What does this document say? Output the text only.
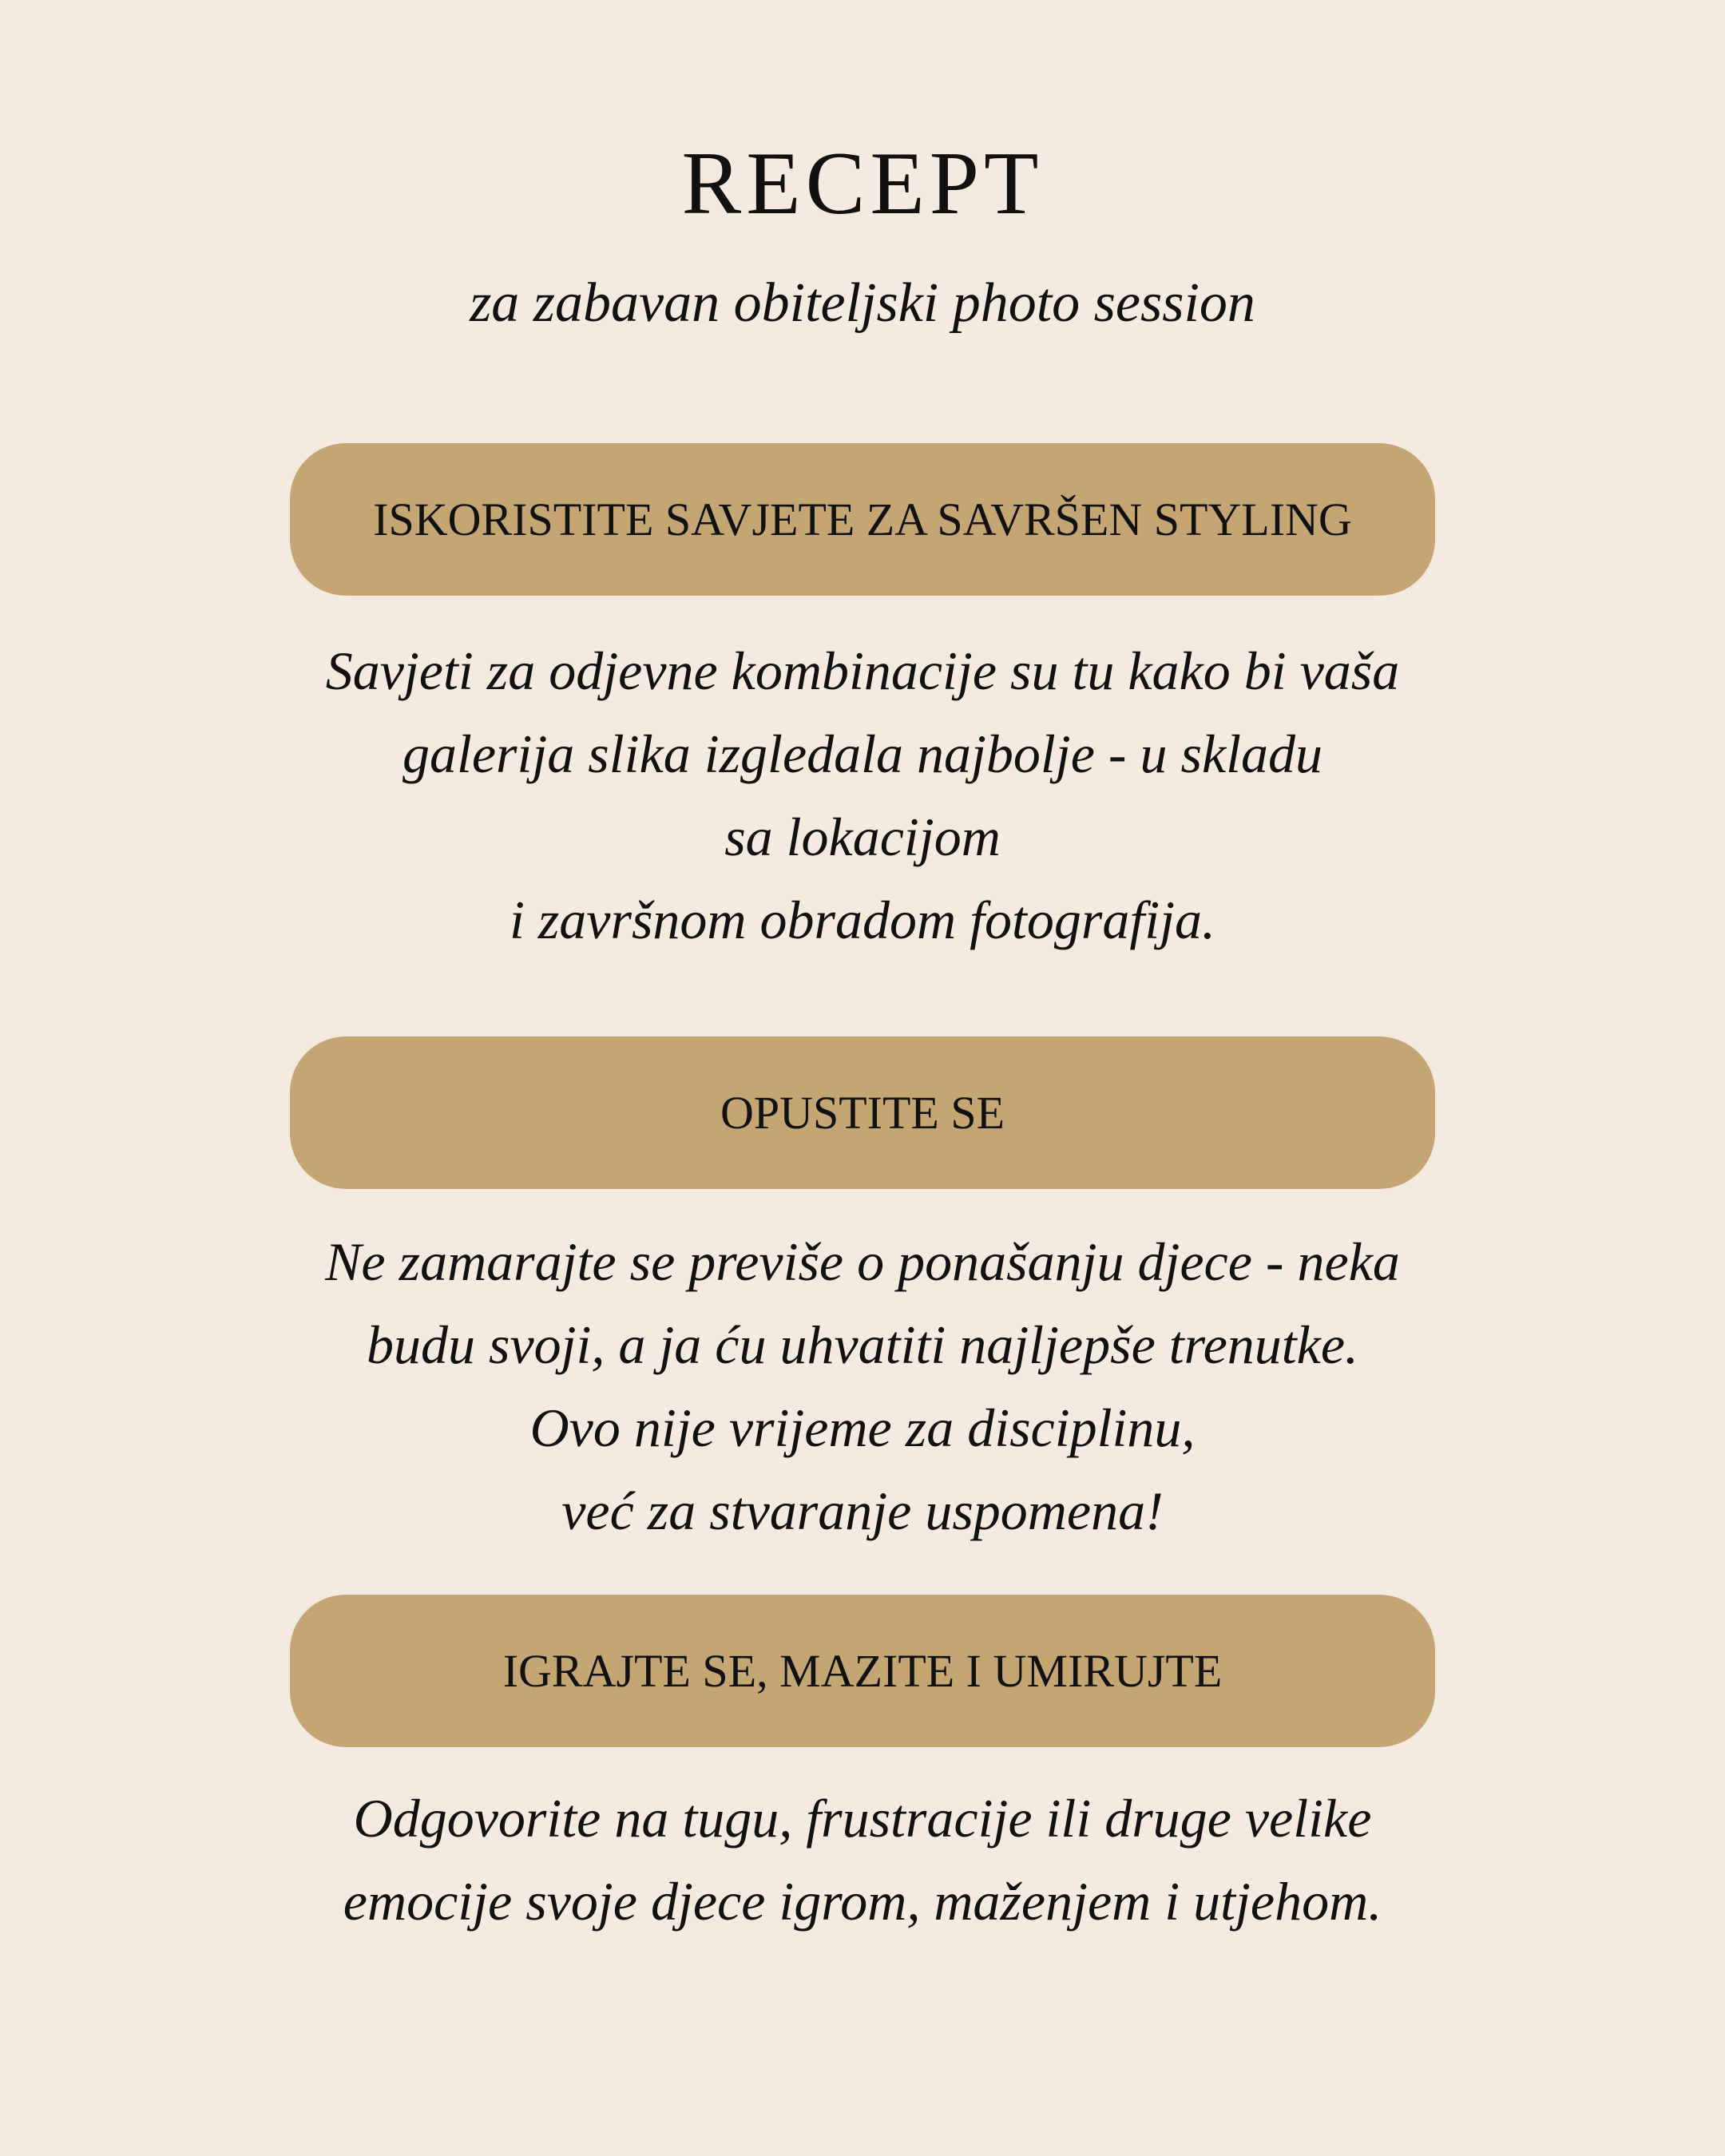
RECEPT

za zabavan obiteljski photo session

ISKORISTITE SAVJETE ZA SAVRŠEN STYLING

Savjeti za odjevne kombinacije su tu kako bi vaša
galerija slika izgledala najbolje - u skladu
sa lokacijom
i završnom obradom fotografija.

OPUSTITE SE

Ne zamarajte se previše o ponašanju djece - neka
budu svoji, a ja ću uhvatiti najljepše trenutke.
Ovo nije vrijeme za disciplinu,
već za stvaranje uspomena!

IGRAJTE SE, MAZITE I UMIRUJTE

Odgovorite na tugu, frustracije ili druge velike
emocije svoje djece igrom, maženjem i utjehom.
